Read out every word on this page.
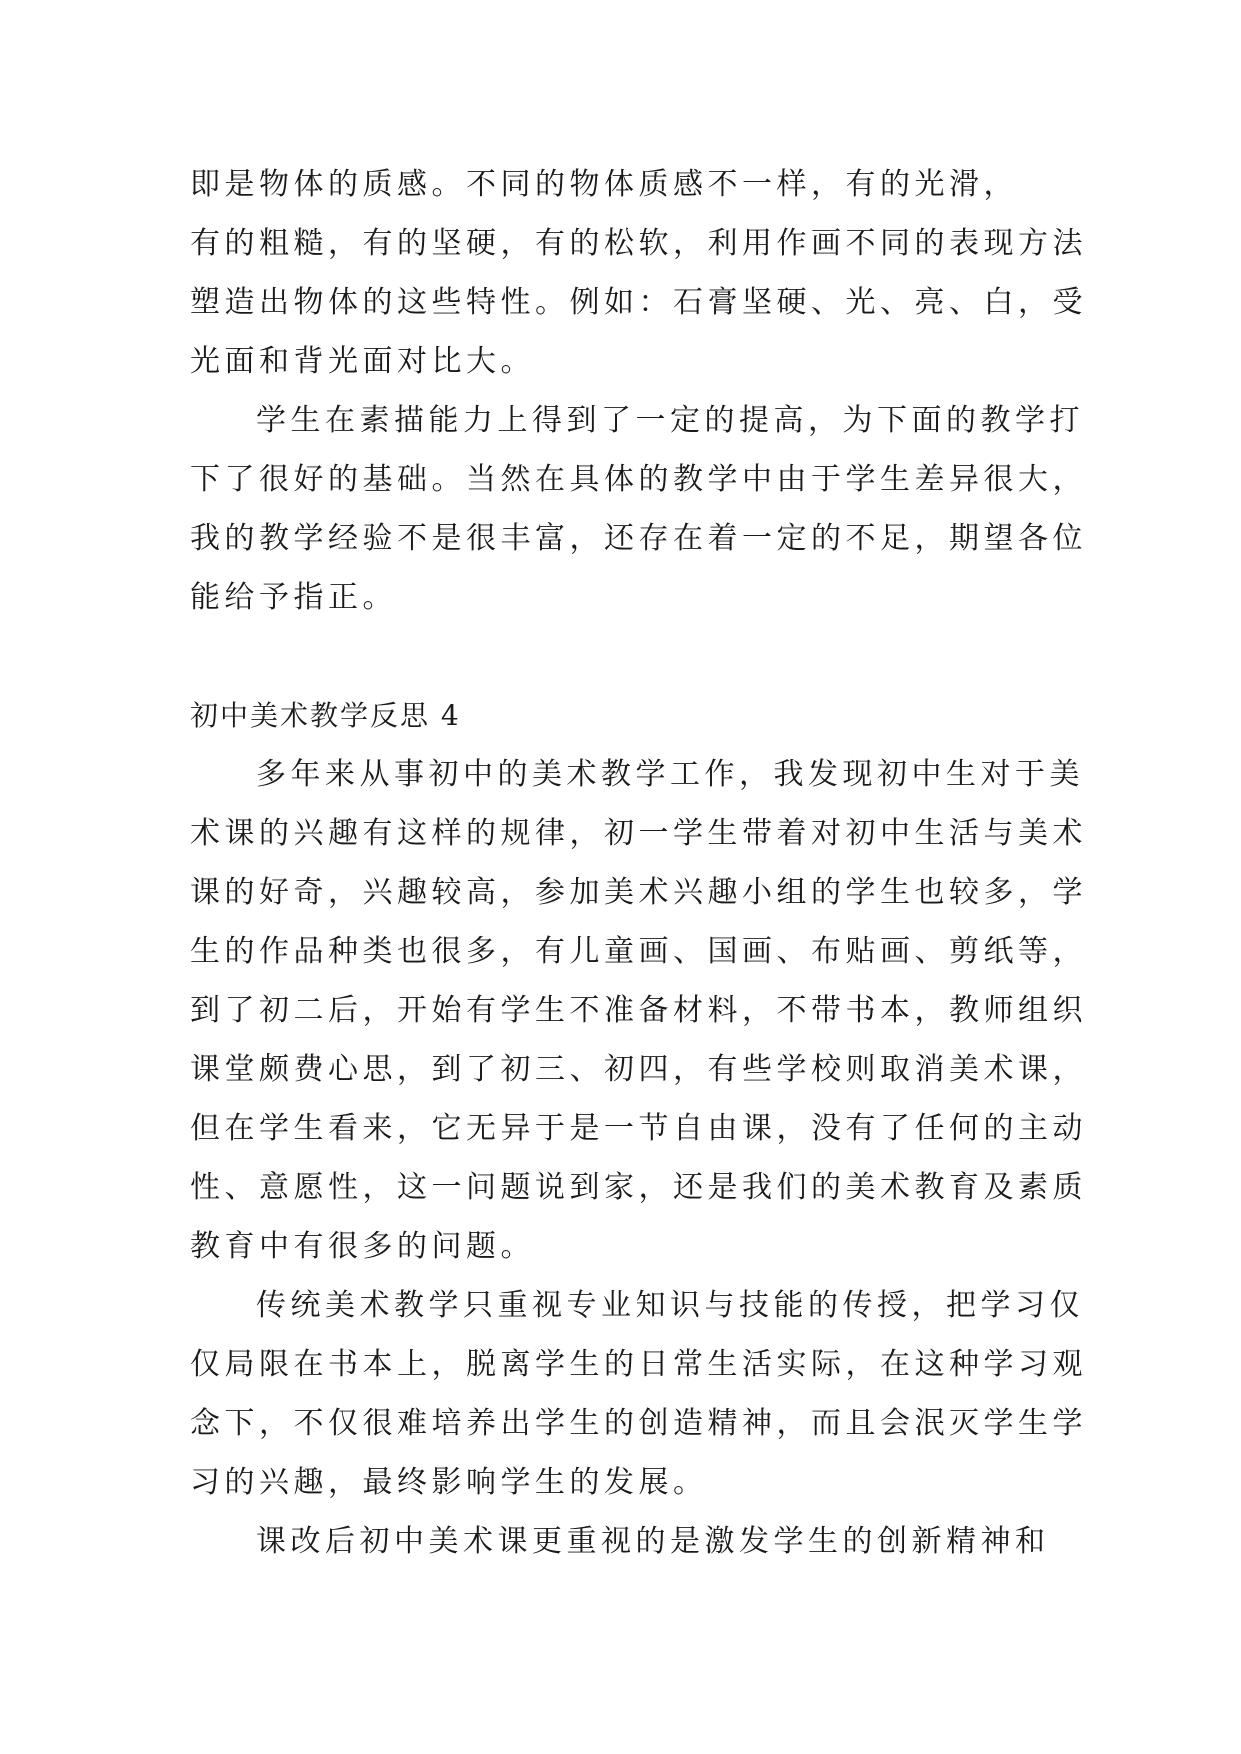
即是物体的质感。不同的物体质感不一样，有的光滑，
有的粗糙，有的坚硬，有的松软，利用作画不同的表现方法
塑造出物体的这些特性。例如：石膏坚硬、光、亮、白，受
光面和背光面对比大。
学生在素描能力上得到了一定的提高，为下面的教学打
下了很好的基础。当然在具体的教学中由于学生差异很大，
我的教学经验不是很丰富，还存在着一定的不足，期望各位
能给予指正。
初中美术教学反思 4
多年来从事初中的美术教学工作，我发现初中生对于美
术课的兴趣有这样的规律，初一学生带着对初中生活与美术
课的好奇，兴趣较高，参加美术兴趣小组的学生也较多，学
生的作品种类也很多，有儿童画、国画、布贴画、剪纸等，
到了初二后，开始有学生不准备材料，不带书本，教师组织
课堂颇费心思，到了初三、初四，有些学校则取消美术课，
但在学生看来，它无异于是一节自由课，没有了任何的主动
性、意愿性，这一问题说到家，还是我们的美术教育及素质
教育中有很多的问题。
传统美术教学只重视专业知识与技能的传授，把学习仅
仅局限在书本上，脱离学生的日常生活实际，在这种学习观
念下，不仅很难培养出学生的创造精神，而且会泯灭学生学
习的兴趣，最终影响学生的发展。
课改后初中美术课更重视的是激发学生的创新精神和
